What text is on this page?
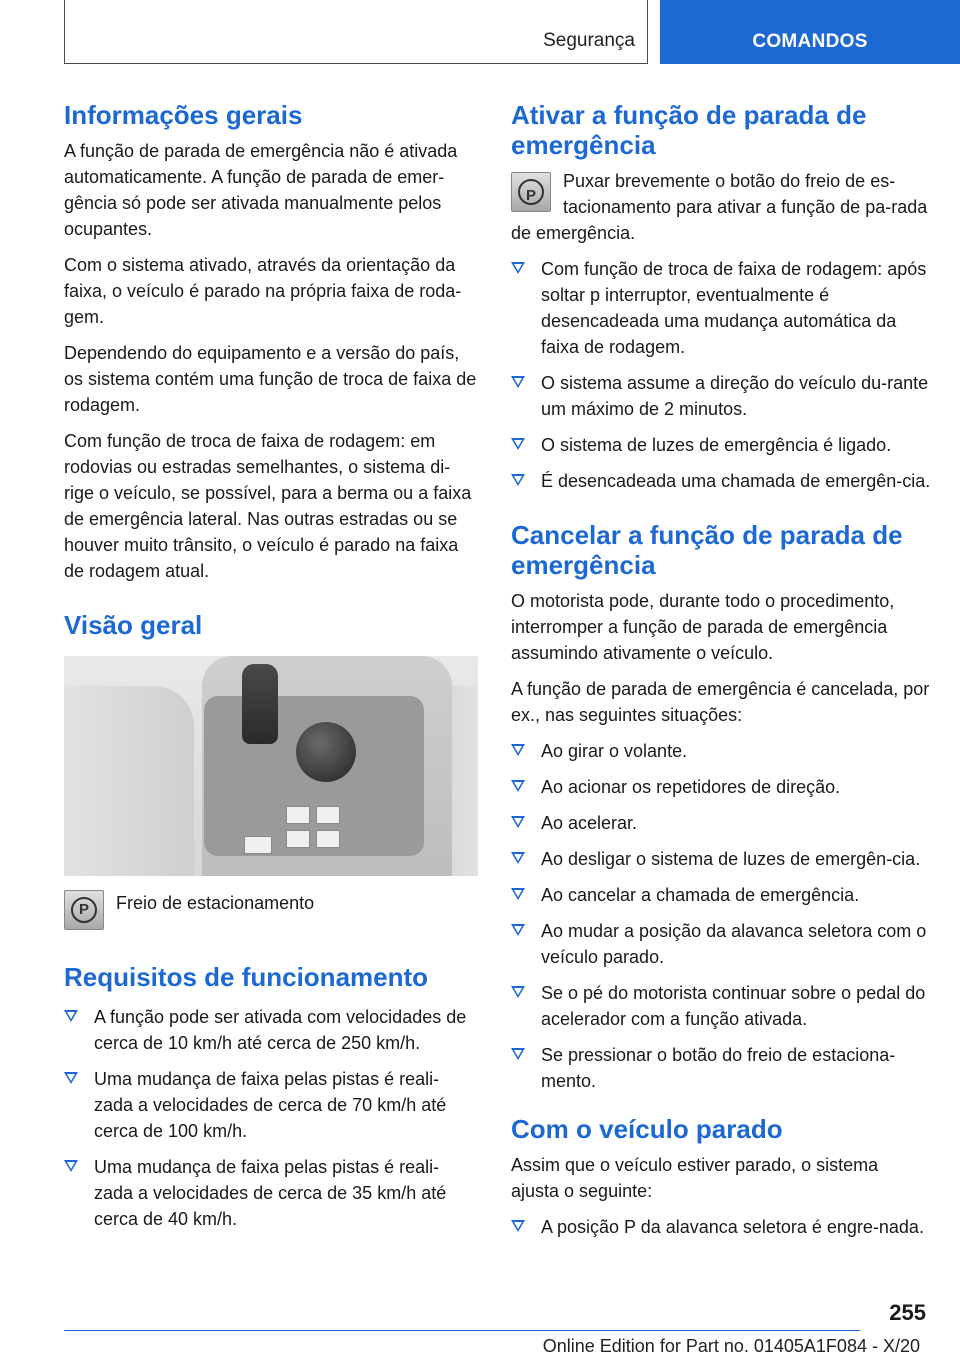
Segurança	COMANDOS
Informações gerais

A função de parada de emergência não é ativada automaticamente. A função de parada de emer‐gência só pode ser ativada manualmente pelos ocupantes.

Com o sistema ativado, através da orientação da faixa, o veículo é parado na própria faixa de roda‐gem.

Dependendo do equipamento e a versão do país, os sistema contém uma função de troca de faixa de rodagem.

Com função de troca de faixa de rodagem: em rodovias ou estradas semelhantes, o sistema di‐rige o veículo, se possível, para a berma ou a faixa de emergência lateral. Nas outras estradas ou se houver muito trânsito, o veículo é parado na faixa de rodagem atual.

Visão geral
P	Freio de estacionamento
Requisitos de funcionamento
A função pode ser ativada com velocidades de cerca de 10 km/h até cerca de 250 km/h.
Uma mudança de faixa pelas pistas é reali‐zada a velocidades de cerca de 70 km/h até cerca de 100 km/h.
Uma mudança de faixa pelas pistas é reali‐zada a velocidades de cerca de 35 km/h até cerca de 40 km/h.
Ativar a função de parada de emergência

P
Puxar brevemente o botão do freio de es‐tacionamento para ativar a função de pa‐rada de emergência.

Com função de troca de faixa de rodagem: após soltar p interruptor, eventualmente é desencadeada uma mudança automática da faixa de rodagem.
O sistema assume a direção do veículo du‐rante um máximo de 2 minutos.
O sistema de luzes de emergência é ligado.
É desencadeada uma chamada de emergên‐cia.
Cancelar a função de parada de emergência

O motorista pode, durante todo o procedimento, interromper a função de parada de emergência assumindo ativamente o veículo.

A função de parada de emergência é cancelada, por ex., nas seguintes situações:

Ao girar o volante.
Ao acionar os repetidores de direção.
Ao acelerar.
Ao desligar o sistema de luzes de emergên‐cia.
Ao cancelar a chamada de emergência.
Ao mudar a posição da alavanca seletora com o veículo parado.
Se o pé do motorista continuar sobre o pedal do acelerador com a função ativada.
Se pressionar o botão do freio de estaciona‐mento.
Com o veículo parado

Assim que o veículo estiver parado, o sistema ajusta o seguinte:

A posição P da alavanca seletora é engre‐nada.
255
Online Edition for Part no. 01405A1F084 - X/20
